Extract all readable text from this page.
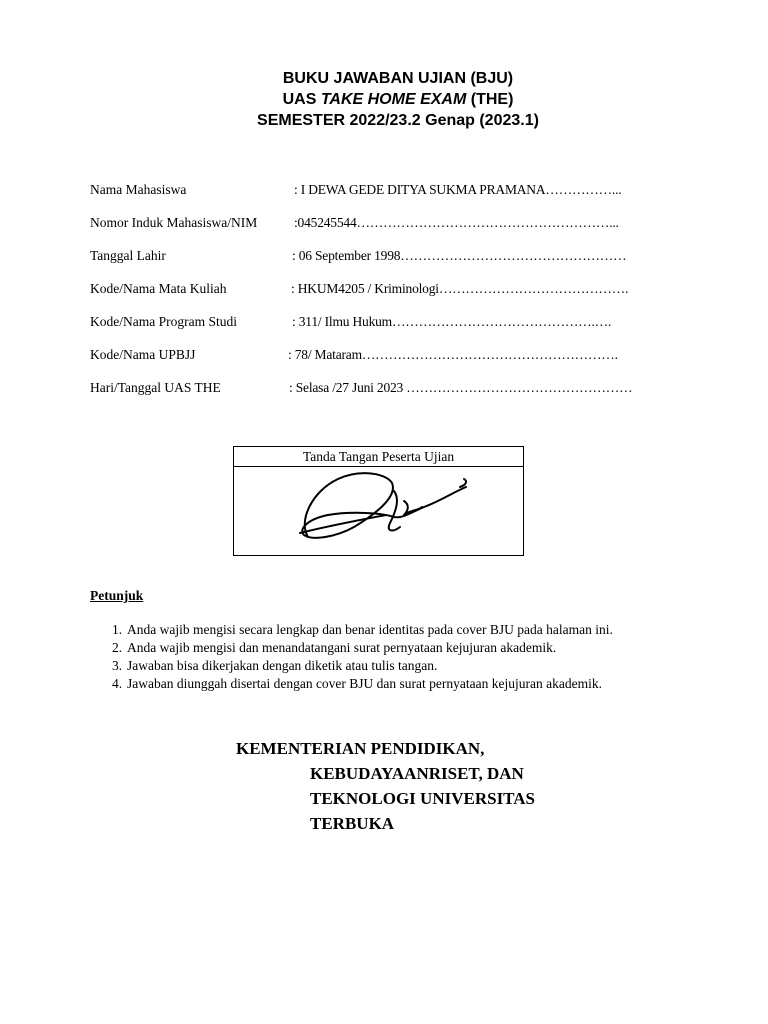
BUKU JAWABAN UJIAN (BJU)
UAS TAKE HOME EXAM (THE)
SEMESTER 2022/23.2 Genap (2023.1)
Nama Mahasiswa	: I DEWA GEDE DITYA SUKMA PRAMANA……………...
Nomor Induk Mahasiswa/NIM	:045245544…………………………………………………...
Tanggal Lahir	: 06 September 1998……………………………………………
Kode/Nama Mata Kuliah	: HKUM4205 / Kriminologi…………………………………….
Kode/Nama Program Studi	: 311/ Ilmu Hukum……………………………………….….
Kode/Nama UPBJJ	: 78/ Mataram………………………………………………….
Hari/Tanggal UAS THE	: Selasa /27 Juni 2023 ……………………………………………
Tanda Tangan Peserta Ujian
Petunjuk
1. Anda wajib mengisi secara lengkap dan benar identitas pada cover BJU pada halaman ini.
2. Anda wajib mengisi dan menandatangani surat pernyataan kejujuran akademik.
3. Jawaban bisa dikerjakan dengan diketik atau tulis tangan.
4. Jawaban diunggah disertai dengan cover BJU dan surat pernyataan kejujuran akademik.
KEMENTERIAN PENDIDIKAN,
KEBUDAYAANRISET, DAN
TEKNOLOGI UNIVERSITAS
TERBUKA
